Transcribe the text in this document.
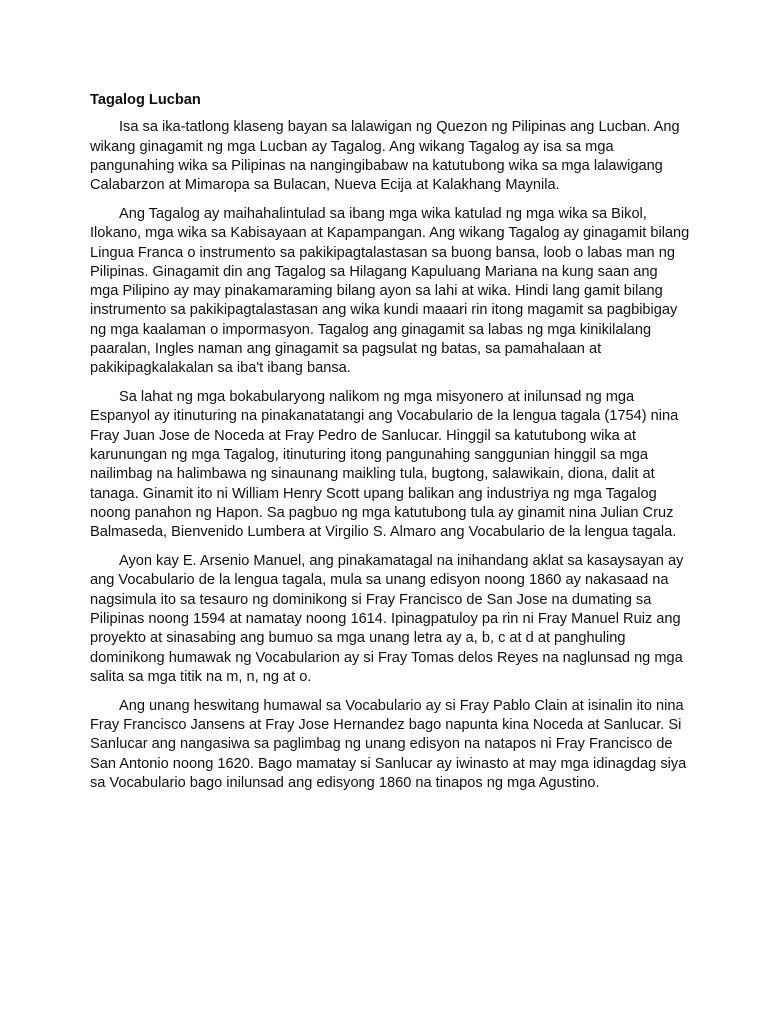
Tagalog Lucban

Isa sa ika-tatlong klaseng bayan sa lalawigan ng Quezon ng Pilipinas ang Lucban. Ang wikang ginagamit ng mga Lucban ay Tagalog. Ang wikang Tagalog ay isa sa mga pangunahing wika sa Pilipinas na nangingibabaw na katutubong wika sa mga lalawigang Calabarzon at Mimaropa sa Bulacan, Nueva Ecija at Kalakhang Maynila.

Ang Tagalog ay maihahalintulad sa ibang mga wika katulad ng mga wika sa Bikol, Ilokano, mga wika sa Kabisayaan at Kapampangan. Ang wikang Tagalog ay ginagamit bilang Lingua Franca o instrumento sa pakikipagtalastasan sa buong bansa, loob o labas man ng Pilipinas. Ginagamit din ang Tagalog sa Hilagang Kapuluang Mariana na kung saan ang mga Pilipino ay may pinakamaraming bilang ayon sa lahi at wika. Hindi lang gamit bilang instrumento sa pakikipagtalastasan ang wika kundi maaari rin itong magamit sa pagbibigay ng mga kaalaman o impormasyon. Tagalog ang ginagamit sa labas ng mga kinikilalang paaralan, Ingles naman ang ginagamit sa pagsulat ng batas, sa pamahalaan at pakikipagkalakalan sa iba't ibang bansa.

Sa lahat ng mga bokabularyong nalikom ng mga misyonero at inilunsad ng mga Espanyol ay itinuturing na pinakanatatangi ang Vocabulario de la lengua tagala (1754) nina Fray Juan Jose de Noceda at Fray Pedro de Sanlucar. Hinggil sa katutubong wika at karunungan ng mga Tagalog, itinuturing itong pangunahing sanggunian hinggil sa mga nailimbag na halimbawa ng sinaunang maikling tula, bugtong, salawikain, diona, dalit at tanaga. Ginamit ito ni William Henry Scott upang balikan ang industriya ng mga Tagalog noong panahon ng Hapon. Sa pagbuo ng mga katutubong tula ay ginamit nina Julian Cruz Balmaseda, Bienvenido Lumbera at Virgilio S. Almaro ang Vocabulario de la lengua tagala.

Ayon kay E. Arsenio Manuel, ang pinakamatagal na inihandang aklat sa kasaysayan ay ang Vocabulario de la lengua tagala, mula sa unang edisyon noong 1860 ay nakasaad na nagsimula ito sa tesauro ng dominikong si Fray Francisco de San Jose na dumating sa Pilipinas noong 1594 at namatay noong 1614. Ipinagpatuloy pa rin ni Fray Manuel Ruiz ang proyekto at sinasabing ang bumuo sa mga unang letra ay a, b, c at d at panghuling dominikong humawak ng Vocabularion ay si Fray Tomas delos Reyes na naglunsad ng mga salita sa mga titik na m, n, ng at o.

Ang unang heswitang humawal sa Vocabulario ay si Fray Pablo Clain at isinalin ito nina Fray Francisco Jansens at Fray Jose Hernandez bago napunta kina Noceda at Sanlucar. Si Sanlucar ang nangasiwa sa paglimbag ng unang edisyon na natapos ni Fray Francisco de San Antonio noong 1620. Bago mamatay si Sanlucar ay iwinasto at may mga idinagdag siya sa Vocabulario bago inilunsad ang edisyong 1860 na tinapos ng mga Agustino.
